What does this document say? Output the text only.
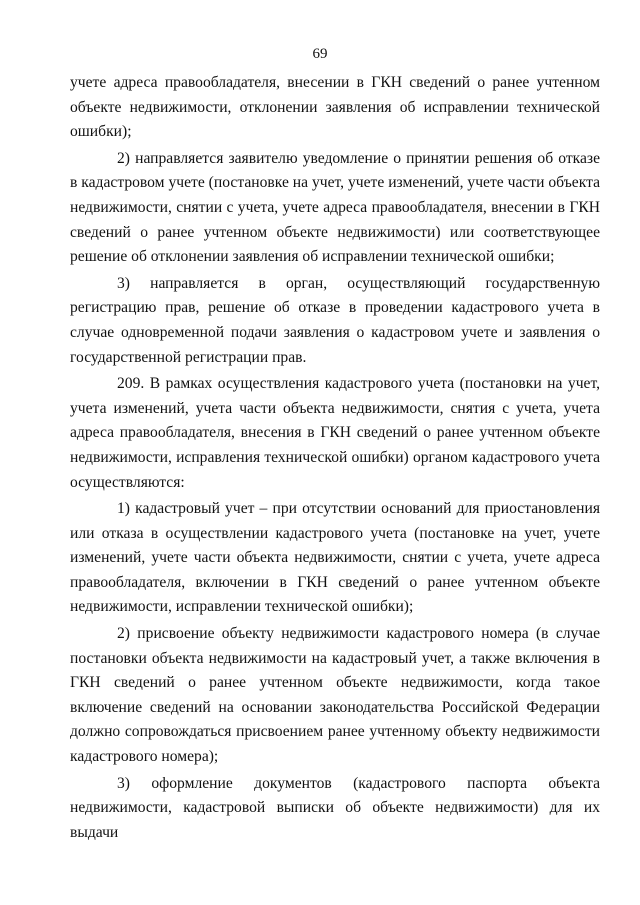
69

учете адреса правообладателя, внесении в ГКН сведений о ранее учтенном объекте недвижимости, отклонении заявления об исправлении технической ошибки);

2) направляется заявителю уведомление о принятии решения об отказе в кадастровом учете (постановке на учет, учете изменений, учете части объекта недвижимости, снятии с учета, учете адреса правообладателя, внесении в ГКН сведений о ранее учтенном объекте недвижимости) или соответствующее решение об отклонении заявления об исправлении технической ошибки;

3) направляется в орган, осуществляющий государственную регистрацию прав, решение об отказе в проведении кадастрового учета в случае одновременной подачи заявления о кадастровом учете и заявления о государственной регистрации прав.

209. В рамках осуществления кадастрового учета (постановки на учет, учета изменений, учета части объекта недвижимости, снятия с учета, учета адреса правообладателя, внесения в ГКН сведений о ранее учтенном объекте недвижимости, исправления технической ошибки) органом кадастрового учета осуществляются:

1) кадастровый учет – при отсутствии оснований для приостановления или отказа в осуществлении кадастрового учета (постановке на учет, учете изменений, учете части объекта недвижимости, снятии с учета, учете адреса правообладателя, включении в ГКН сведений о ранее учтенном объекте недвижимости, исправлении технической ошибки);

2) присвоение объекту недвижимости кадастрового номера (в случае постановки объекта недвижимости на кадастровый учет, а также включения в ГКН сведений о ранее учтенном объекте недвижимости, когда такое включение сведений на основании законодательства Российской Федерации должно сопровождаться присвоением ранее учтенному объекту недвижимости кадастрового номера);

3) оформление документов (кадастрового паспорта объекта недвижимости, кадастровой выписки об объекте недвижимости) для их выдачи
